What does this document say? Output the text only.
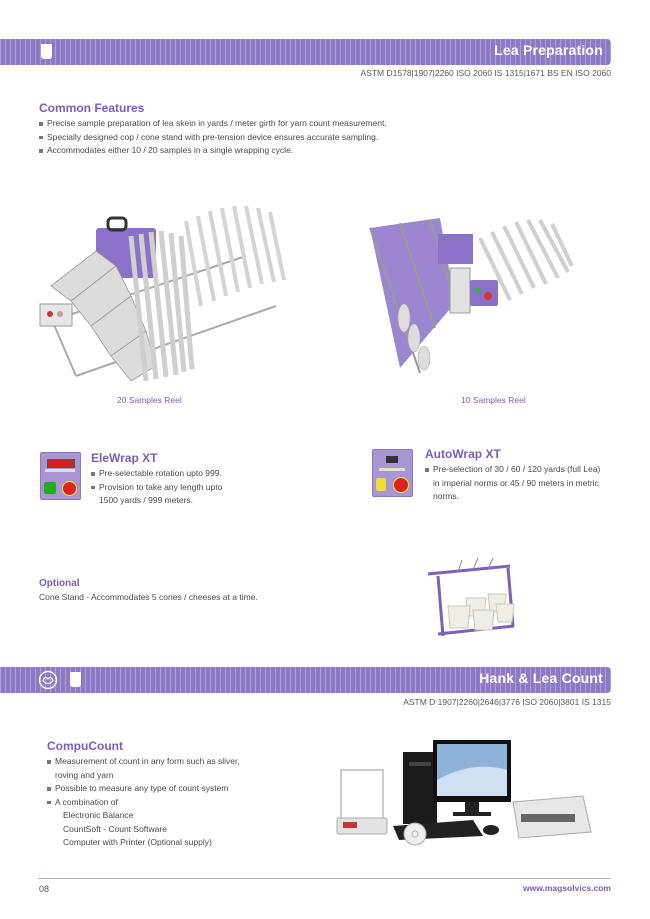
Lea Preparation
ASTM D1578|1907|2260 ISO 2060 IS 1315|1671 BS EN ISO 2060
Common Features
Precise sample preparation of lea skein in yards / meter girth for yarn count measurement.
Specially designed cop / cone stand with pre-tension device ensures accurate sampling.
Accommodates either 10 / 20 samples in a single wrapping cycle.
20 Samples Reel	10 Samples Reel
EleWrap XT
Pre-selectable rotation upto 999.
Provision to take any length upto
1500 yards / 999 meters.
AutoWrap XT
Pre-selection of 30 / 60 / 120 yards (full Lea)
in imperial norms or 45 / 90 meters in metric
norms.
Optional
Cone Stand - Accommodates 5 cones / cheeses at a time.
Hank & Lea Count
ASTM D 1907|2260|2646|3776 ISO 2060|3801 IS 1315
CompuCount
Measurement of count in any form such as sliver,
roving and yarn
Possible to measure any type of count system
A combination of
Electronic Balance
CountSoft - Count Software
Computer with Printer (Optional supply)
08	www.magsolvics.com
